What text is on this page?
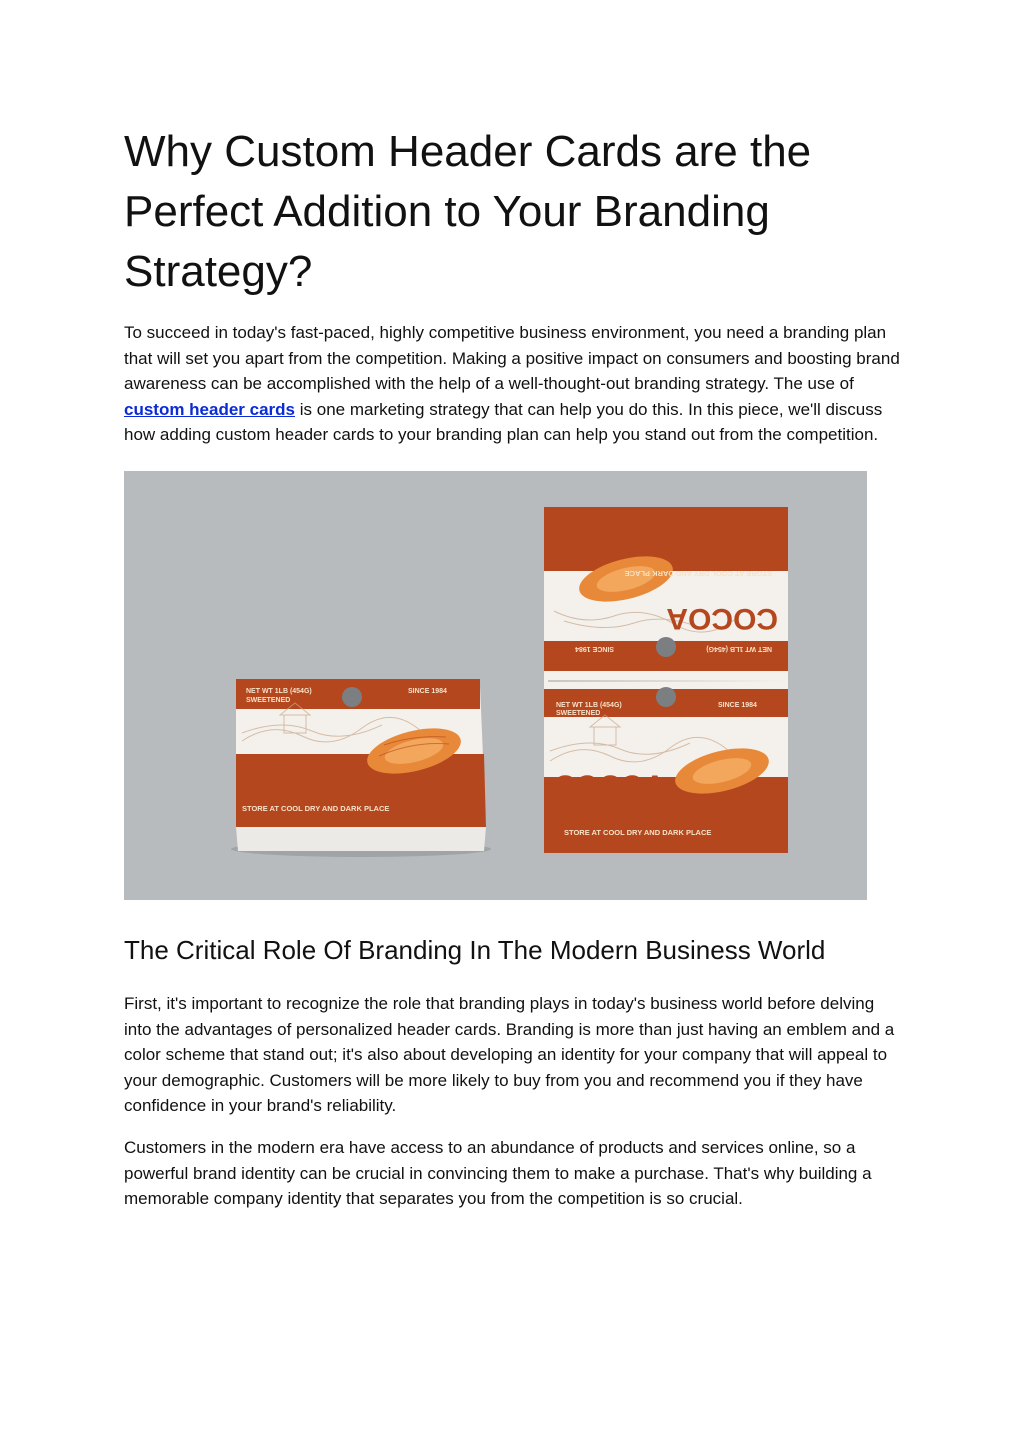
Why Custom Header Cards are the Perfect Addition to Your Branding Strategy?

To succeed in today's fast-paced, highly competitive business environment, you need a branding plan that will set you apart from the competition. Making a positive impact on consumers and boosting brand awareness can be accomplished with the help of a well-thought-out branding strategy. The use of custom header cards is one marketing strategy that can help you do this. In this piece, we'll discuss how adding custom header cards to your branding plan can help you stand out from the competition.

NET WT 1LB (454G)
SWEETENED
SINCE 1984
COCOA
STORE AT COOL DRY AND DARK PLACE
COCOA
STORE AT COOL DRY AND DARK PLACE
NET WT 1LB (454G)
SINCE 1984
NET WT 1LB (454G)
SWEETENED
SINCE 1984
COCOA
STORE AT COOL DRY AND DARK PLACE
The Critical Role Of Branding In The Modern Business World

First, it's important to recognize the role that branding plays in today's business world before delving into the advantages of personalized header cards. Branding is more than just having an emblem and a color scheme that stand out; it's also about developing an identity for your company that will appeal to your demographic. Customers will be more likely to buy from you and recommend you if they have confidence in your brand's reliability.

Customers in the modern era have access to an abundance of products and services online, so a powerful brand identity can be crucial in convincing them to make a purchase. That's why building a memorable company identity that separates you from the competition is so crucial.
